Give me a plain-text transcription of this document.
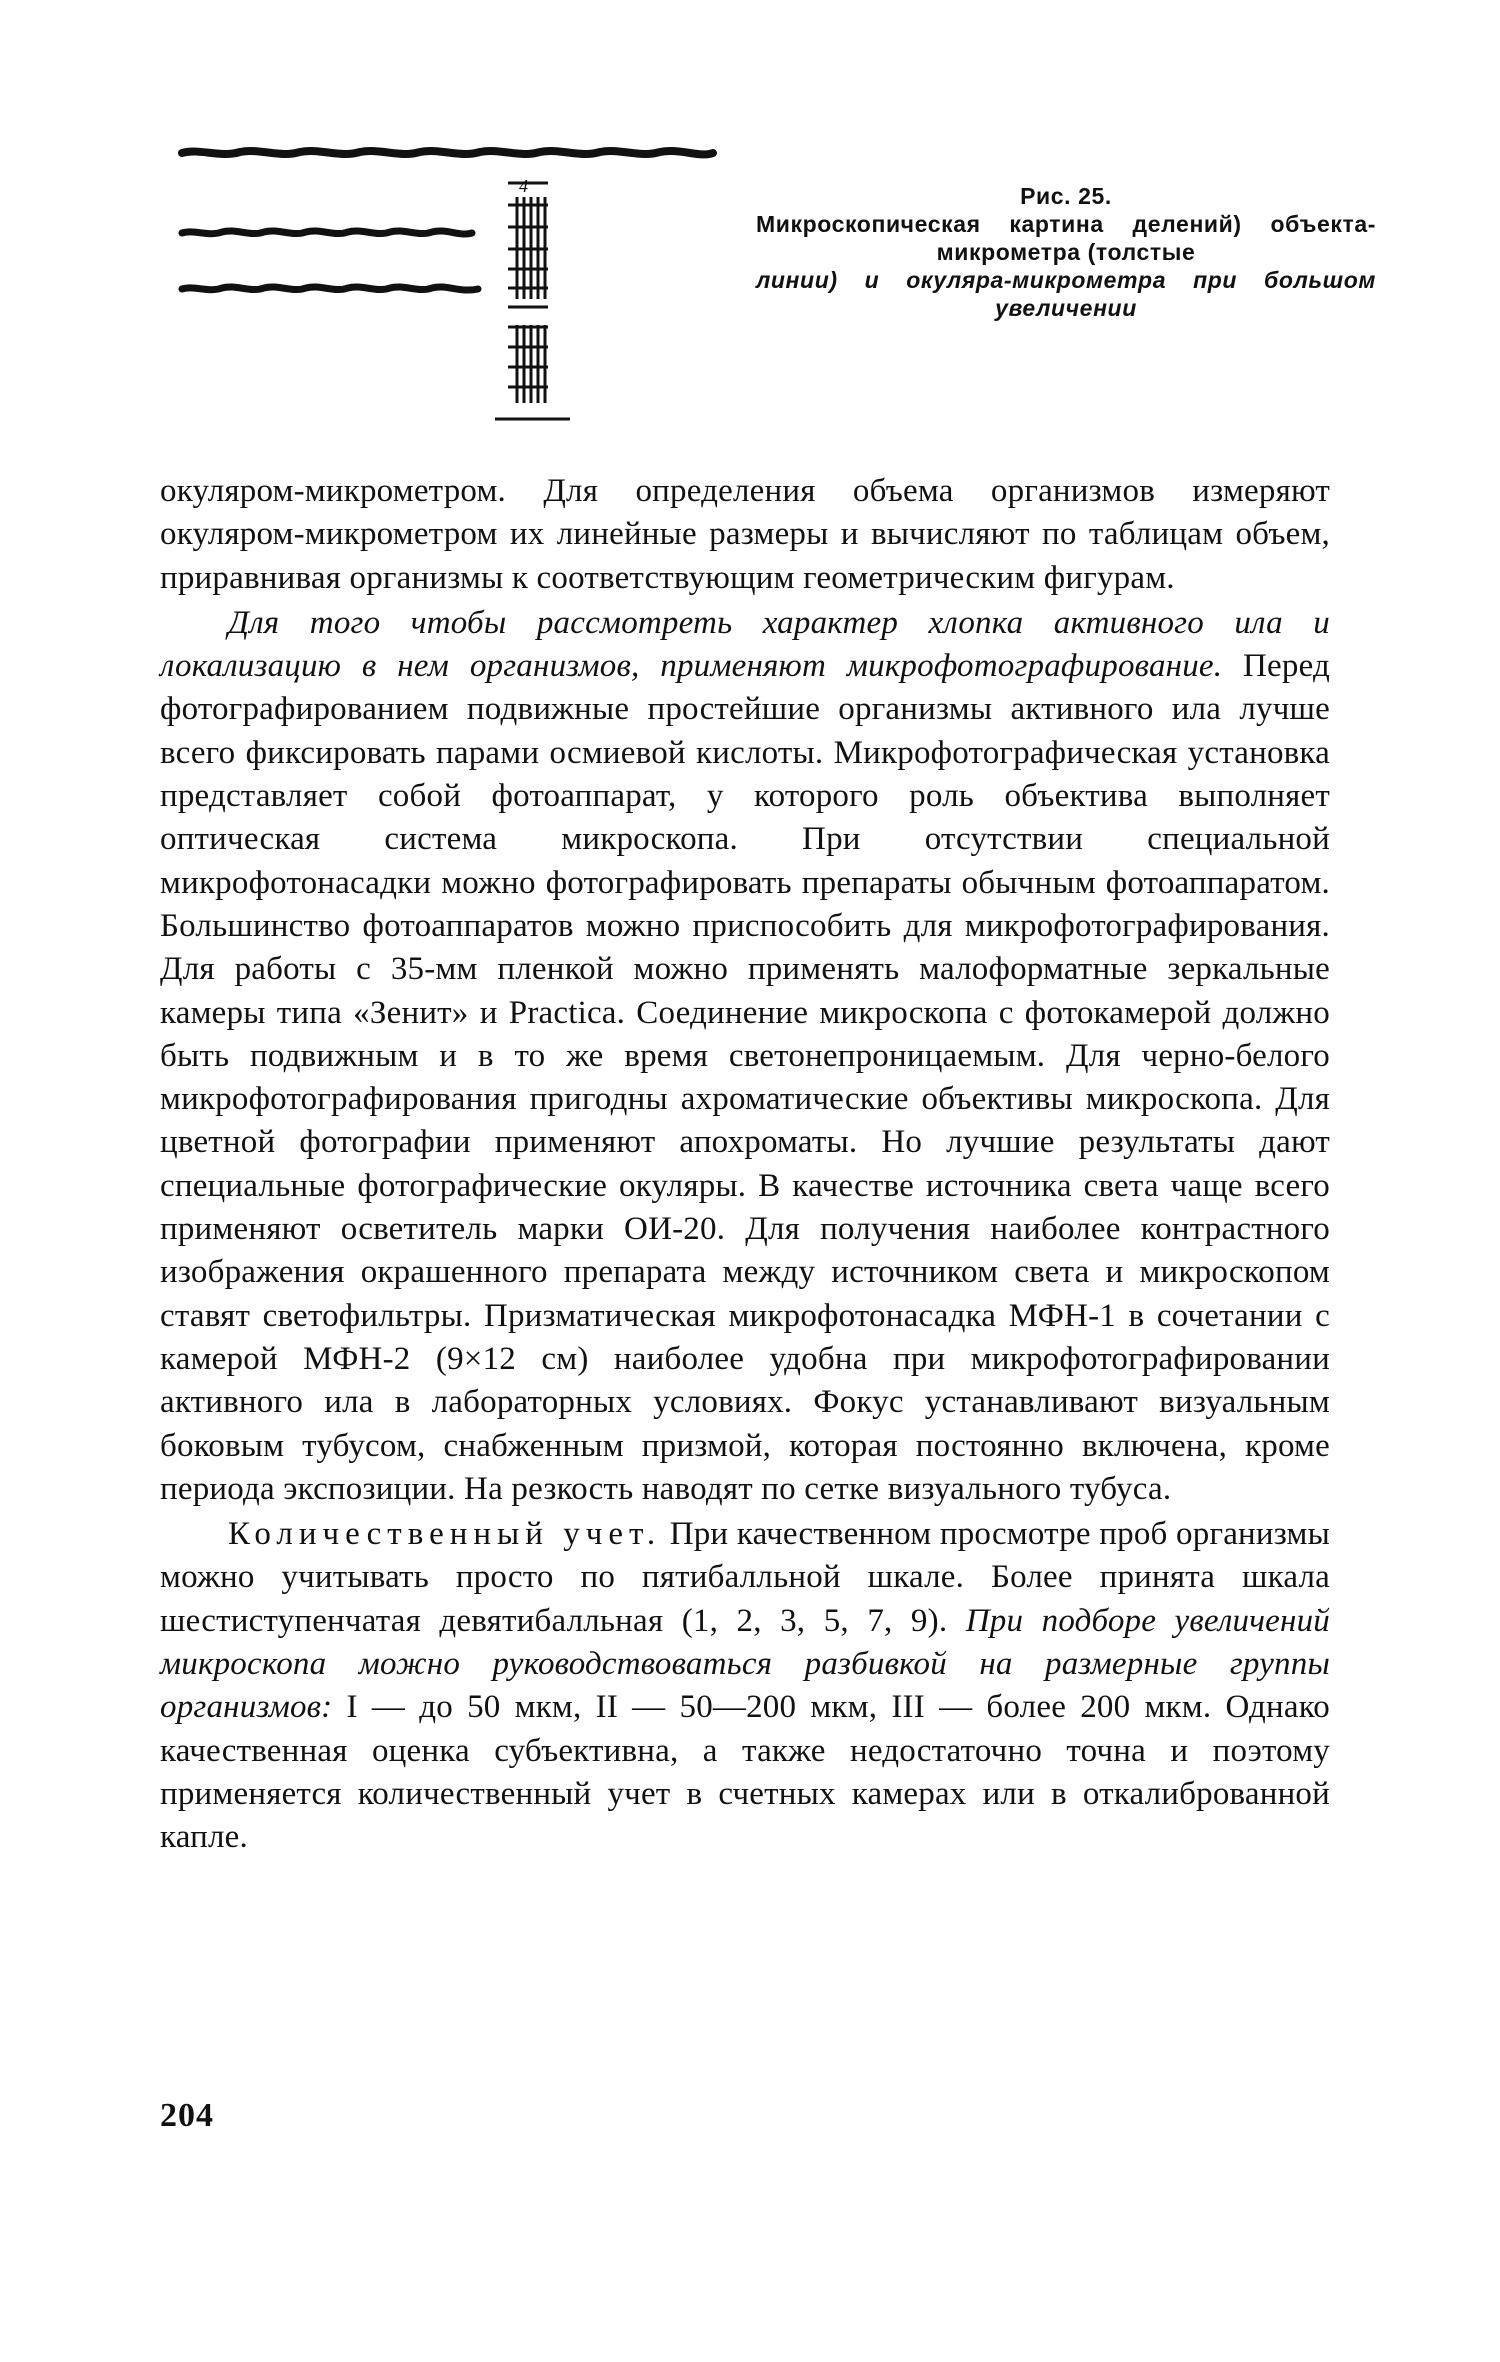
4	Рис. 25.
Микроскопическая картина делений) объекта-микрометра (толстые
линии) и окуляра-микрометра при большом увеличении

окуляром-микрометром. Для определения объема организмов измеряют окуляром-микрометром их линейные размеры и вычисляют по таблицам объем, приравнивая организмы к соответствующим геометрическим фигурам.

Для того чтобы рассмотреть характер хлопка активного ила и локализацию в нем организмов, применяют микрофотографирование. Перед фотографированием подвижные простейшие организмы активного ила лучше всего фиксировать парами осмиевой кислоты. Микрофотографическая установка представляет собой фотоаппарат, у которого роль объектива выполняет оптическая система микроскопа. При отсутствии специальной микрофотонасадки можно фотографировать препараты обычным фотоаппаратом. Большинство фотоаппаратов можно приспособить для микрофотографирования. Для работы с 35-мм пленкой можно применять малоформатные зеркальные камеры типа «Зенит» и Practica. Соединение микроскопа с фотокамерой должно быть подвижным и в то же время светонепроницаемым. Для черно-белого микрофотографирования пригодны ахроматические объективы микроскопа. Для цветной фотографии применяют апохроматы. Но лучшие результаты дают специальные фотографические окуляры. В качестве источника света чаще всего применяют осветитель марки ОИ-20. Для получения наиболее контрастного изображения окрашенного препарата между источником света и микроскопом ставят светофильтры. Призматическая микрофотонасадка МФН-1 в сочетании с камерой МФН-2 (9×12 см) наиболее удобна при микрофотографировании активного ила в лабораторных условиях. Фокус устанавливают визуальным боковым тубусом, снабженным призмой, которая постоянно включена, кроме периода экспозиции. На резкость наводят по сетке визуального тубуса.

Количественный учет. При качественном просмотре проб организмы можно учитывать просто по пятибалльной шкале. Более принята шкала шестиступенчатая девятибалльная (1, 2, 3, 5, 7, 9). При подборе увеличений микроскопа можно руководствоваться разбивкой на размерные группы организмов: I — до 50 мкм, II — 50—200 мкм, III — более 200 мкм. Однако качественная оценка субъективна, а также недостаточно точна и поэтому применяется количественный учет в счетных камерах или в откалиброванной капле.

204
